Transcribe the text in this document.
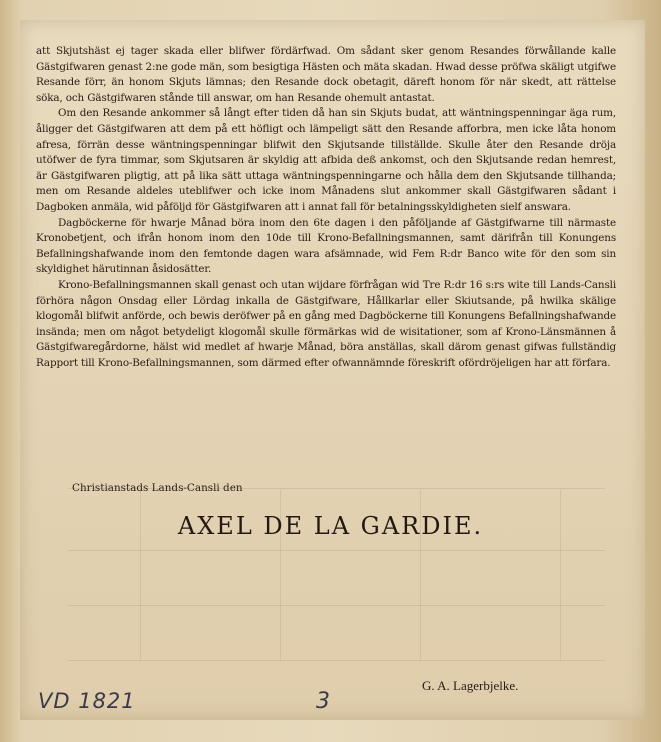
att Skjutshäst ej tager skada eller blifwer fördärfwad. Om sådant sker genom Resandes förwållande kalle Gästgifwaren genast 2:ne gode män, som besigtiga Hästen och mäta skadan. Hwad desse pröfwa skäligt utgifwe Resande förr, än honom Skjuts lämnas; den Resande dock obetagit, däreft honom för när skedt, att rättelse söka, och Gästgifwaren stånde till answar, om han Resande ohemult antastat.

Om den Resande ankommer så långt efter tiden då han sin Skjuts budat, att wäntningspenningar äga rum, åligger det Gästgifwaren att dem på ett höfligt och lämpeligt sätt den Resande afforbra, men icke låta honom afresa, förrän desse wäntningspenningar blifwit den Skjutsande tillställde. Skulle åter den Resande dröja utöfwer de fyra timmar, som Skjutsaren är skyldig att afbida deß ankomst, och den Skjutsande redan hemrest, är Gästgifwaren pligtig, att på lika sätt uttaga wäntningspenningarne och hålla dem den Skjutsande tillhanda; men om Resande aldeles uteblifwer och icke inom Månadens slut ankommer skall Gästgifwaren sådant i Dagboken anmäla, wid påföljd för Gästgifwaren att i annat fall för betalningsskyldigheten sielf answara.

Dagböckerne för hwarje Månad böra inom den 6te dagen i den påföljande af Gästgifwarne till närmaste Kronobetjent, och ifrån honom inom den 10de till Krono-Befallningsmannen, samt därifrån till Konungens Befallningshafwande inom den femtonde dagen wara afsämnade, wid Fem R:dr Banco wite för den som sin skyldighet härutinnan åsidosätter.

Krono-Befallningsmannen skall genast och utan wijdare förfrågan wid Tre R:dr 16 s:rs wite till Lands-Cansli förhöra någon Onsdag eller Lördag inkalla de Gästgifware, Hållkarlar eller Skiutsande, på hwilka skälige klogomål blifwit anförde, och bewis deröfwer på en gång med Dagböckerne till Konungens Befallningshafwande insända; men om något betydeligt klogomål skulle förmärkas wid de wisitationer, som af Krono-Länsmännen å Gästgifwaregårdorne, hälst wid medlet af hwarje Månad, böra anställas, skall därom genast gifwas fullständig Rapport till Krono-Befallningsmannen, som därmed efter ofwannämnde föreskrift ofördröjeligen har att förfara.

Christianstads Lands-Cansli den
AXEL DE LA GARDIE.
G. A. Lagerbjelke.
VD 1821	3
